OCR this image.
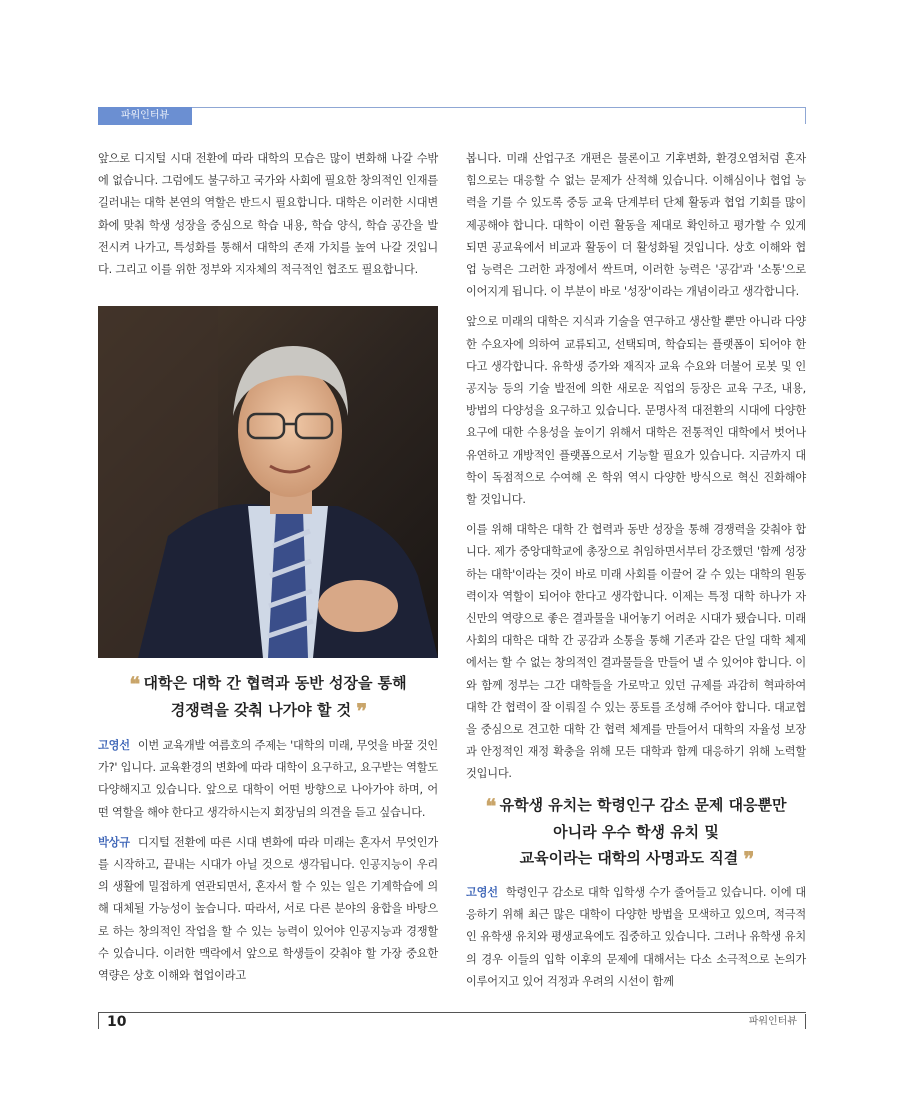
파워인터뷰

앞으로 디지털 시대 전환에 따라 대학의 모습은 많이 변화해 나갈 수밖에 없습니다. 그럼에도 불구하고 국가와 사회에 필요한 창의적인 인재를 길러내는 대학 본연의 역할은 반드시 필요합니다. 대학은 이러한 시대변화에 맞춰 학생 성장을 중심으로 학습 내용, 학습 양식, 학습 공간을 발전시켜 나가고, 특성화를 통해서 대학의 존재 가치를 높여 나갈 것입니다. 그리고 이를 위한 정부와 지자체의 적극적인 협조도 필요합니다.

❛❛ 대학은 대학 간 협력과 동반 성장을 통해
경쟁력을 갖춰 나가야 할 것 ❜❜

고영선 이번 교육개발 여름호의 주제는 '대학의 미래, 무엇을 바꿀 것인가?' 입니다. 교육환경의 변화에 따라 대학이 요구하고, 요구받는 역할도 다양해지고 있습니다. 앞으로 대학이 어떤 방향으로 나아가야 하며, 어떤 역할을 해야 한다고 생각하시는지 회장님의 의견을 듣고 싶습니다.

박상규 디지털 전환에 따른 시대 변화에 따라 미래는 혼자서 무엇인가를 시작하고, 끝내는 시대가 아닐 것으로 생각됩니다. 인공지능이 우리의 생활에 밀접하게 연관되면서, 혼자서 할 수 있는 일은 기계학습에 의해 대체될 가능성이 높습니다. 따라서, 서로 다른 분야의 융합을 바탕으로 하는 창의적인 작업을 할 수 있는 능력이 있어야 인공지능과 경쟁할 수 있습니다. 이러한 맥락에서 앞으로 학생들이 갖춰야 할 가장 중요한 역량은 상호 이해와 협업이라고

봅니다. 미래 산업구조 개편은 물론이고 기후변화, 환경오염처럼 혼자 힘으로는 대응할 수 없는 문제가 산적해 있습니다. 이해심이나 협업 능력을 기를 수 있도록 중등 교육 단계부터 단체 활동과 협업 기회를 많이 제공해야 합니다. 대학이 이런 활동을 제대로 확인하고 평가할 수 있게 되면 공교육에서 비교과 활동이 더 활성화될 것입니다. 상호 이해와 협업 능력은 그러한 과정에서 싹트며, 이러한 능력은 '공감'과 '소통'으로 이어지게 됩니다. 이 부분이 바로 '성장'이라는 개념이라고 생각합니다.

앞으로 미래의 대학은 지식과 기술을 연구하고 생산할 뿐만 아니라 다양한 수요자에 의하여 교류되고, 선택되며, 학습되는 플랫폼이 되어야 한다고 생각합니다. 유학생 증가와 재직자 교육 수요와 더불어 로봇 및 인공지능 등의 기술 발전에 의한 새로운 직업의 등장은 교육 구조, 내용, 방법의 다양성을 요구하고 있습니다. 문명사적 대전환의 시대에 다양한 요구에 대한 수용성을 높이기 위해서 대학은 전통적인 대학에서 벗어나 유연하고 개방적인 플랫폼으로서 기능할 필요가 있습니다. 지금까지 대학이 독점적으로 수여해 온 학위 역시 다양한 방식으로 혁신 진화해야 할 것입니다.

이를 위해 대학은 대학 간 협력과 동반 성장을 통해 경쟁력을 갖춰야 합니다. 제가 중앙대학교에 총장으로 취임하면서부터 강조했던 '함께 성장하는 대학'이라는 것이 바로 미래 사회를 이끌어 갈 수 있는 대학의 원동력이자 역할이 되어야 한다고 생각합니다. 이제는 특정 대학 하나가 자신만의 역량으로 좋은 결과물을 내어놓기 어려운 시대가 됐습니다. 미래 사회의 대학은 대학 간 공감과 소통을 통해 기존과 같은 단일 대학 체제에서는 할 수 없는 창의적인 결과물들을 만들어 낼 수 있어야 합니다. 이와 함께 정부는 그간 대학들을 가로막고 있던 규제를 과감히 혁파하여 대학 간 협력이 잘 이뤄질 수 있는 풍토를 조성해 주어야 합니다. 대교협을 중심으로 견고한 대학 간 협력 체계를 만들어서 대학의 자율성 보장과 안정적인 재정 확충을 위해 모든 대학과 함께 대응하기 위해 노력할 것입니다.

❛❛ 유학생 유치는 학령인구 감소 문제 대응뿐만
아니라 우수 학생 유치 및
교육이라는 대학의 사명과도 직결 ❜❜

고영선 학령인구 감소로 대학 입학생 수가 줄어들고 있습니다. 이에 대응하기 위해 최근 많은 대학이 다양한 방법을 모색하고 있으며, 적극적인 유학생 유치와 평생교육에도 집중하고 있습니다. 그러나 유학생 유치의 경우 이들의 입학 이후의 문제에 대해서는 다소 소극적으로 논의가 이루어지고 있어 걱정과 우려의 시선이 함께

10	파워인터뷰
